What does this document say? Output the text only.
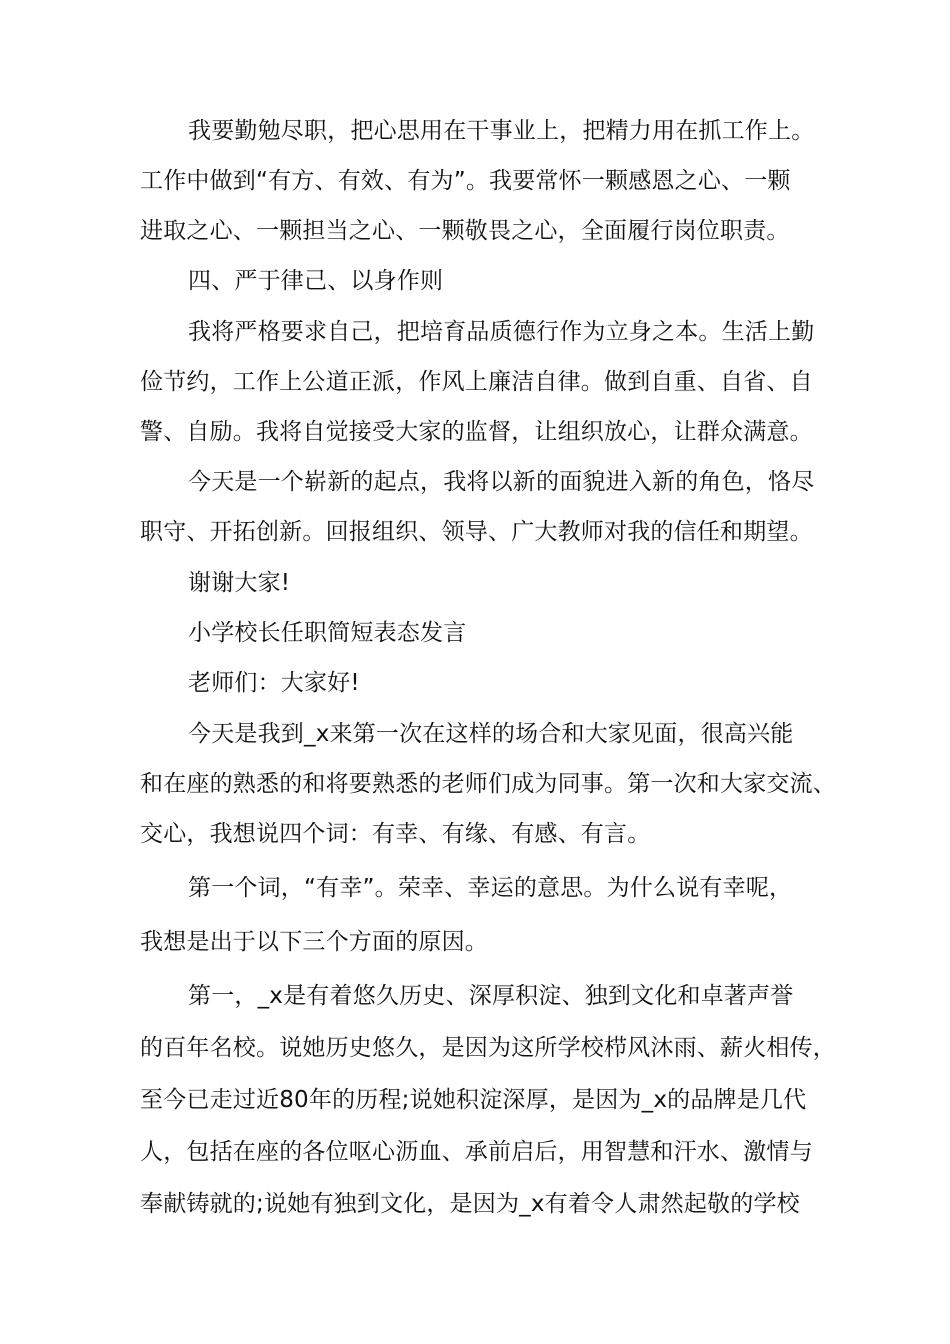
我要勤勉尽职，把心思用在干事业上，把精力用在抓工作上。
工作中做到“有方、有效、有为”。我要常怀一颗感恩之心、一颗
进取之心、一颗担当之心、一颗敬畏之心，全面履行岗位职责。
四、严于律己、以身作则
我将严格要求自己，把培育品质德行作为立身之本。生活上勤
俭节约，工作上公道正派，作风上廉洁自律。做到自重、自省、自
警、自励。我将自觉接受大家的监督，让组织放心，让群众满意。
今天是一个崭新的起点，我将以新的面貌进入新的角色，恪尽
职守、开拓创新。回报组织、领导、广大教师对我的信任和期望。
谢谢大家!
小学校长任职简短表态发言
老师们：大家好!
今天是我到_x来第一次在这样的场合和大家见面，很高兴能
和在座的熟悉的和将要熟悉的老师们成为同事。第一次和大家交流、
交心，我想说四个词：有幸、有缘、有感、有言。
第一个词，“有幸”。荣幸、幸运的意思。为什么说有幸呢，
我想是出于以下三个方面的原因。
第一，_x是有着悠久历史、深厚积淀、独到文化和卓著声誉
的百年名校。说她历史悠久，是因为这所学校栉风沐雨、薪火相传，
至今已走过近80年的历程;说她积淀深厚，是因为_x的品牌是几代
人，包括在座的各位呕心沥血、承前启后，用智慧和汗水、激情与
奉献铸就的;说她有独到文化，是因为_x有着令人肃然起敬的学校
